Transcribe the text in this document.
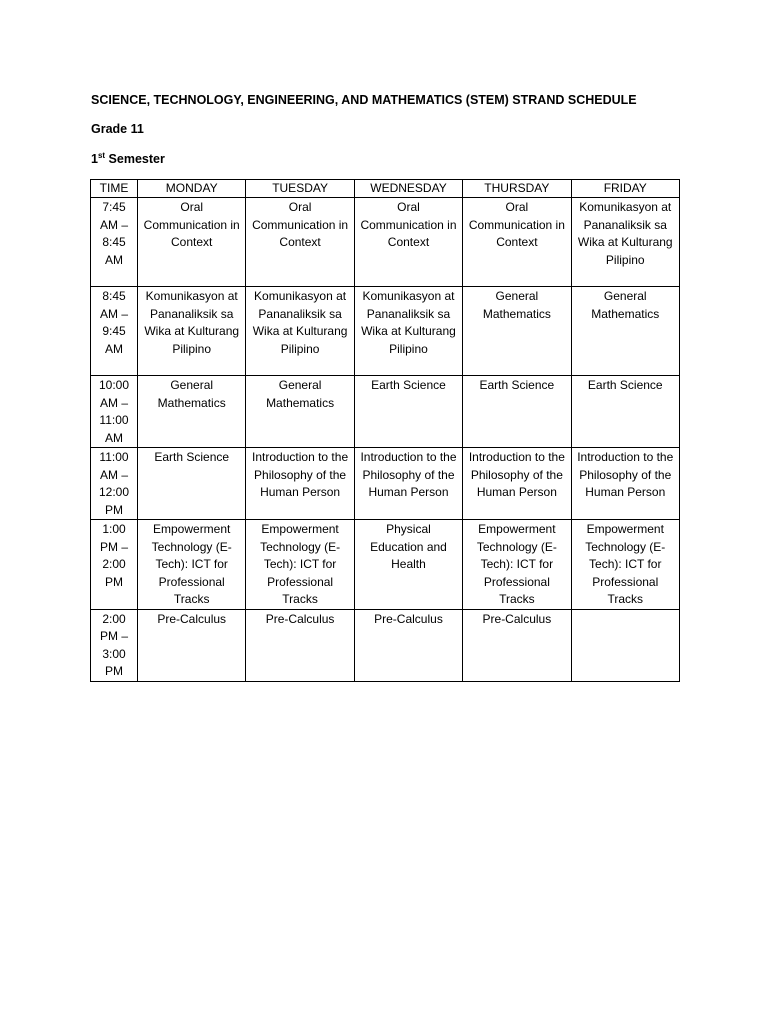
SCIENCE, TECHNOLOGY, ENGINEERING, AND MATHEMATICS (STEM) STRAND SCHEDULE

Grade 11

1st Semester

TIME	MONDAY	TUESDAY	WEDNESDAY	THURSDAY	FRIDAY
7:45 AM – 8:45 AM	Oral Communication in Context	Oral Communication in Context	Oral Communication in Context	Oral Communication in Context	Komunikasyon at Pananaliksik sa Wika at Kulturang Pilipino
8:45 AM – 9:45 AM	Komunikasyon at Pananaliksik sa Wika at Kulturang Pilipino	Komunikasyon at Pananaliksik sa Wika at Kulturang Pilipino	Komunikasyon at Pananaliksik sa Wika at Kulturang Pilipino	General Mathematics	General Mathematics
10:00 AM – 11:00 AM	General Mathematics	General Mathematics	Earth Science	Earth Science	Earth Science
11:00 AM – 12:00 PM	Earth Science	Introduction to the Philosophy of the Human Person	Introduction to the Philosophy of the Human Person	Introduction to the Philosophy of the Human Person	Introduction to the Philosophy of the Human Person
1:00 PM – 2:00 PM	Empowerment Technology (E-Tech): ICT for Professional Tracks	Empowerment Technology (E-Tech): ICT for Professional Tracks	Physical Education and Health	Empowerment Technology (E-Tech): ICT for Professional Tracks	Empowerment Technology (E-Tech): ICT for Professional Tracks
2:00 PM – 3:00 PM	Pre-Calculus	Pre-Calculus	Pre-Calculus	Pre-Calculus	
